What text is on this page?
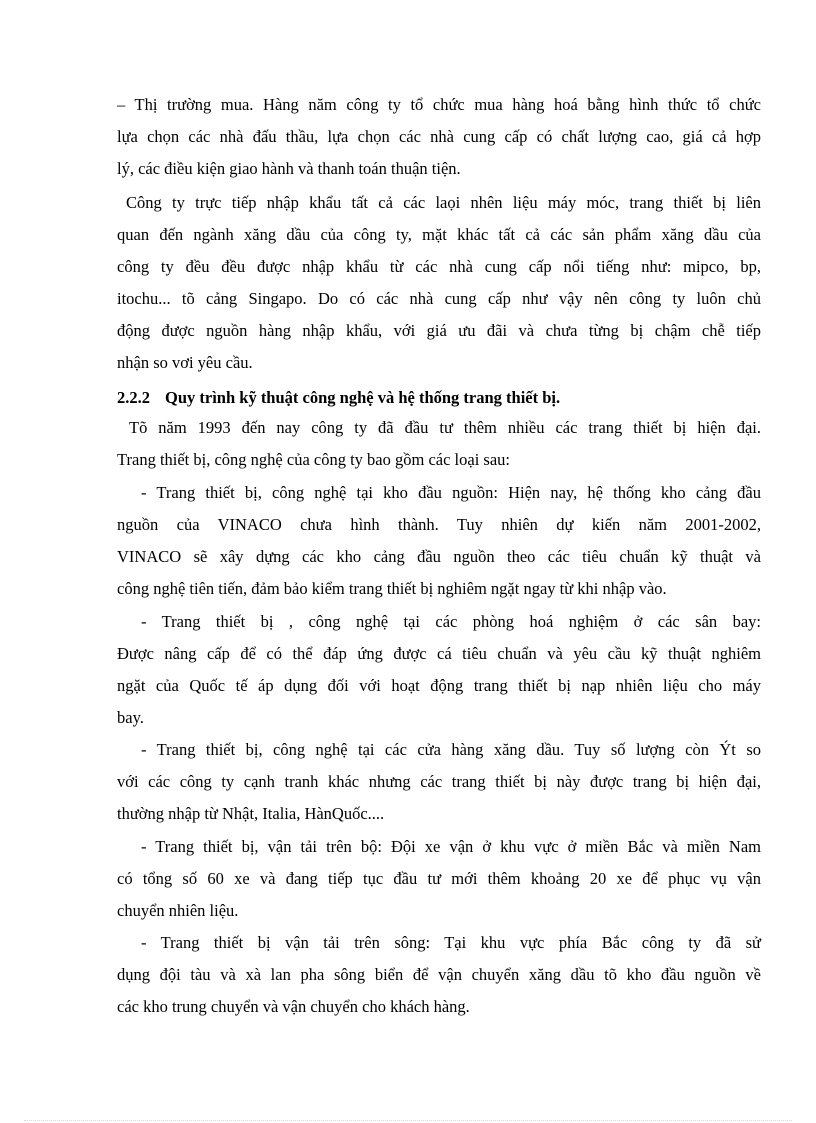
– Thị trường mua. Hàng năm công ty tổ chức mua hàng hoá bằng hình thức tổ chức
lựa chọn các nhà đấu thầu, lựa chọn các nhà cung cấp có chất lượng cao, giá cả hợp
lý, các điều kiện giao hành và thanh toán thuận tiện.
Công ty trực tiếp nhập khẩu tất cả các laọi nhên liệu máy móc, trang thiết bị liên
quan đến ngành xăng dầu của công ty, mặt khác tất cả các sản phẩm xăng dầu của
công ty đều đều được nhập khẩu từ các nhà cung cấp nổi tiếng như: mipco, bp,
itochu... tõ cảng Singapo. Do có các nhà cung cấp như vậy nên công ty luôn chủ
động được nguồn hàng nhập khẩu, với giá ưu đãi và chưa từng bị chậm chễ tiếp
nhận so vơi yêu cầu.
2.2.2 Quy trình kỹ thuật công nghệ và hệ thống trang thiết bị.
Tõ năm 1993 đến nay công ty đã đầu tư thêm nhiều các trang thiết bị hiện đại.
Trang thiết bị, công nghệ của công ty bao gồm các loại sau:
- Trang thiết bị, công nghệ tại kho đầu nguồn: Hiện nay, hệ thống kho cảng đầu
nguồn của VINACO chưa hình thành. Tuy nhiên dự kiến năm 2001-2002,
VINACO sẽ xây dựng các kho cảng đầu nguồn theo các tiêu chuẩn kỹ thuật và
công nghệ tiên tiến, đảm bảo kiểm trang thiết bị nghiêm ngặt ngay từ khi nhập vào.
- Trang thiết bị , công nghệ tại các phòng hoá nghiệm ở các sân bay:
Được nâng cấp để có thể đáp ứng được cá tiêu chuẩn và yêu cầu kỹ thuật nghiêm
ngặt của Quốc tế áp dụng đối với hoạt động trang thiết bị nạp nhiên liệu cho máy
bay.
- Trang thiết bị, công nghệ tại các cửa hàng xăng dầu. Tuy số lượng còn Ýt so
với các công ty cạnh tranh khác nhưng các trang thiết bị này được trang bị hiện đại,
thường nhập từ Nhật, Italia, HànQuốc....
- Trang thiết bị, vận tải trên bộ: Đội xe vận ở khu vực ở miền Bắc và miền Nam
có tổng số 60 xe và đang tiếp tục đầu tư mới thêm khoảng 20 xe để phục vụ vận
chuyển nhiên liệu.
- Trang thiết bị vận tải trên sông: Tại khu vực phía Bắc công ty đã sử
dụng đội tàu và xà lan pha sông biển để vận chuyển xăng dầu tõ kho đầu nguồn về
các kho trung chuyển và vận chuyển cho khách hàng.
